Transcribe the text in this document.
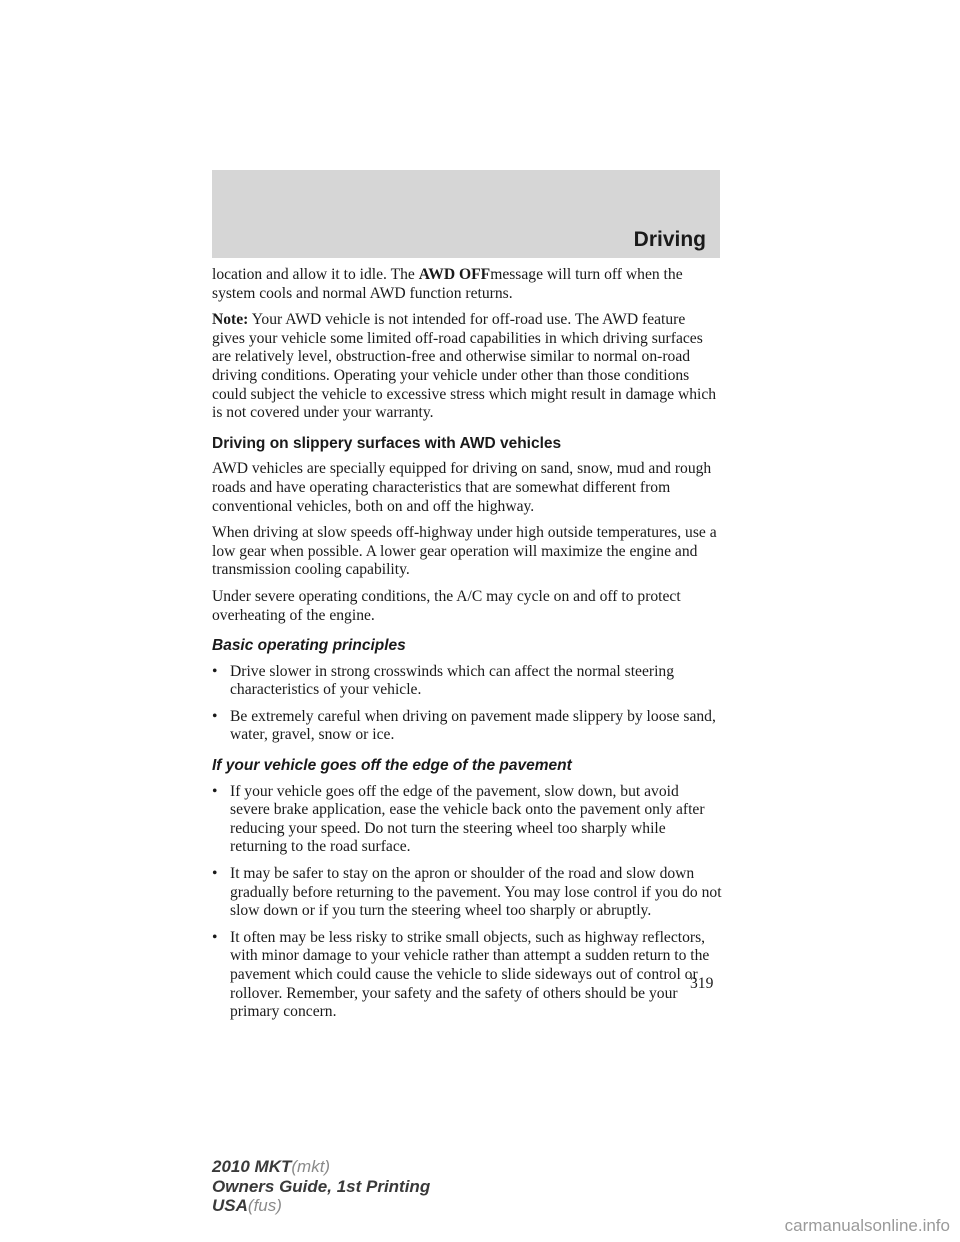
Driving

location and allow it to idle. The AWD OFFmessage will turn off when the system cools and normal AWD function returns.

Note: Your AWD vehicle is not intended for off-road use. The AWD feature gives your vehicle some limited off-road capabilities in which driving surfaces are relatively level, obstruction-free and otherwise similar to normal on-road driving conditions. Operating your vehicle under other than those conditions could subject the vehicle to excessive stress which might result in damage which is not covered under your warranty.

Driving on slippery surfaces with AWD vehicles

AWD vehicles are specially equipped for driving on sand, snow, mud and rough roads and have operating characteristics that are somewhat different from conventional vehicles, both on and off the highway.

When driving at slow speeds off-highway under high outside temperatures, use a low gear when possible. A lower gear operation will maximize the engine and transmission cooling capability.

Under severe operating conditions, the A/C may cycle on and off to protect overheating of the engine.

Basic operating principles
• Drive slower in strong crosswinds which can affect the normal steering characteristics of your vehicle.
• Be extremely careful when driving on pavement made slippery by loose sand, water, gravel, snow or ice.
If your vehicle goes off the edge of the pavement
• If your vehicle goes off the edge of the pavement, slow down, but avoid severe brake application, ease the vehicle back onto the pavement only after reducing your speed. Do not turn the steering wheel too sharply while returning to the road surface.
• It may be safer to stay on the apron or shoulder of the road and slow down gradually before returning to the pavement. You may lose control if you do not slow down or if you turn the steering wheel too sharply or abruptly.
• It often may be less risky to strike small objects, such as highway reflectors, with minor damage to your vehicle rather than attempt a sudden return to the pavement which could cause the vehicle to slide sideways out of control or rollover. Remember, your safety and the safety of others should be your primary concern.
319
2010 MKT(mkt)
Owners Guide, 1st Printing
USA(fus)
carmanualsonline.info
